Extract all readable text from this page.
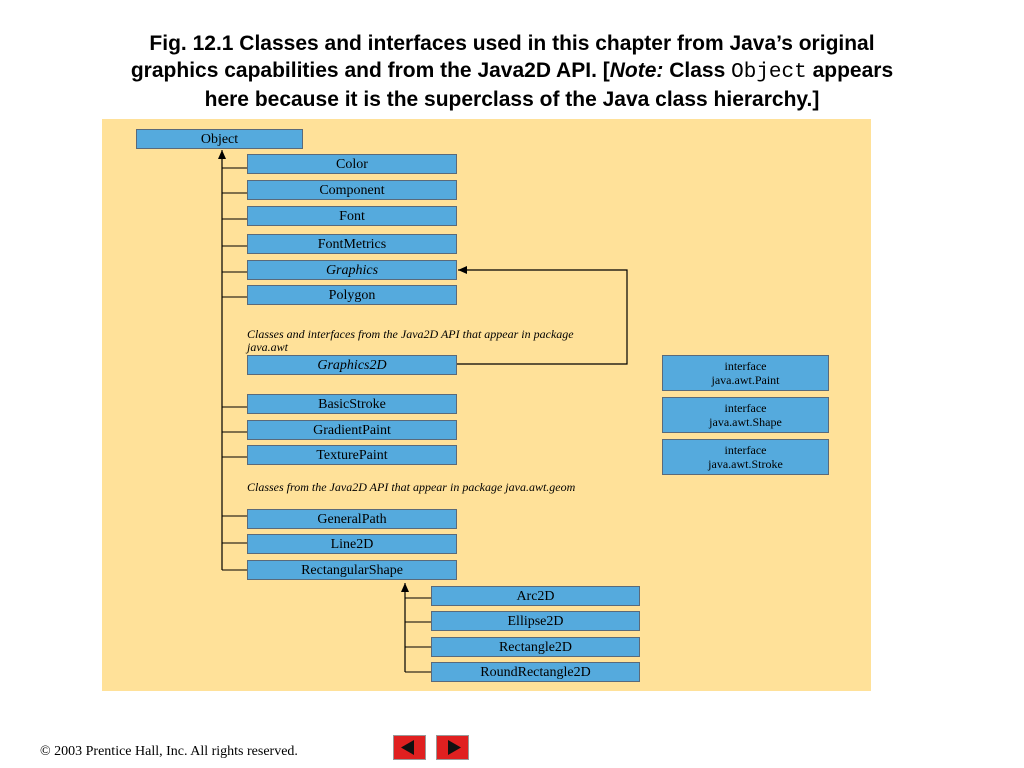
Fig. 12.1 Classes and interfaces used in this chapter from Java’s original
graphics capabilities and from the Java2D API. [Note: Class Object appears
here because it is the superclass of the Java class hierarchy.]
Object
Color
Component
Font
FontMetrics
Graphics
Polygon
Classes and interfaces from the Java2D API that appear in package java.awt
Graphics2D
BasicStroke
GradientPaint
TexturePaint
Classes from the Java2D API that appear in package java.awt.geom
GeneralPath
Line2D
RectangularShape
Arc2D
Ellipse2D
Rectangle2D
RoundRectangle2D
interface
java.awt.Paint
interface
java.awt.Shape
interface
java.awt.Stroke
© 2003 Prentice Hall, Inc. All rights reserved.
